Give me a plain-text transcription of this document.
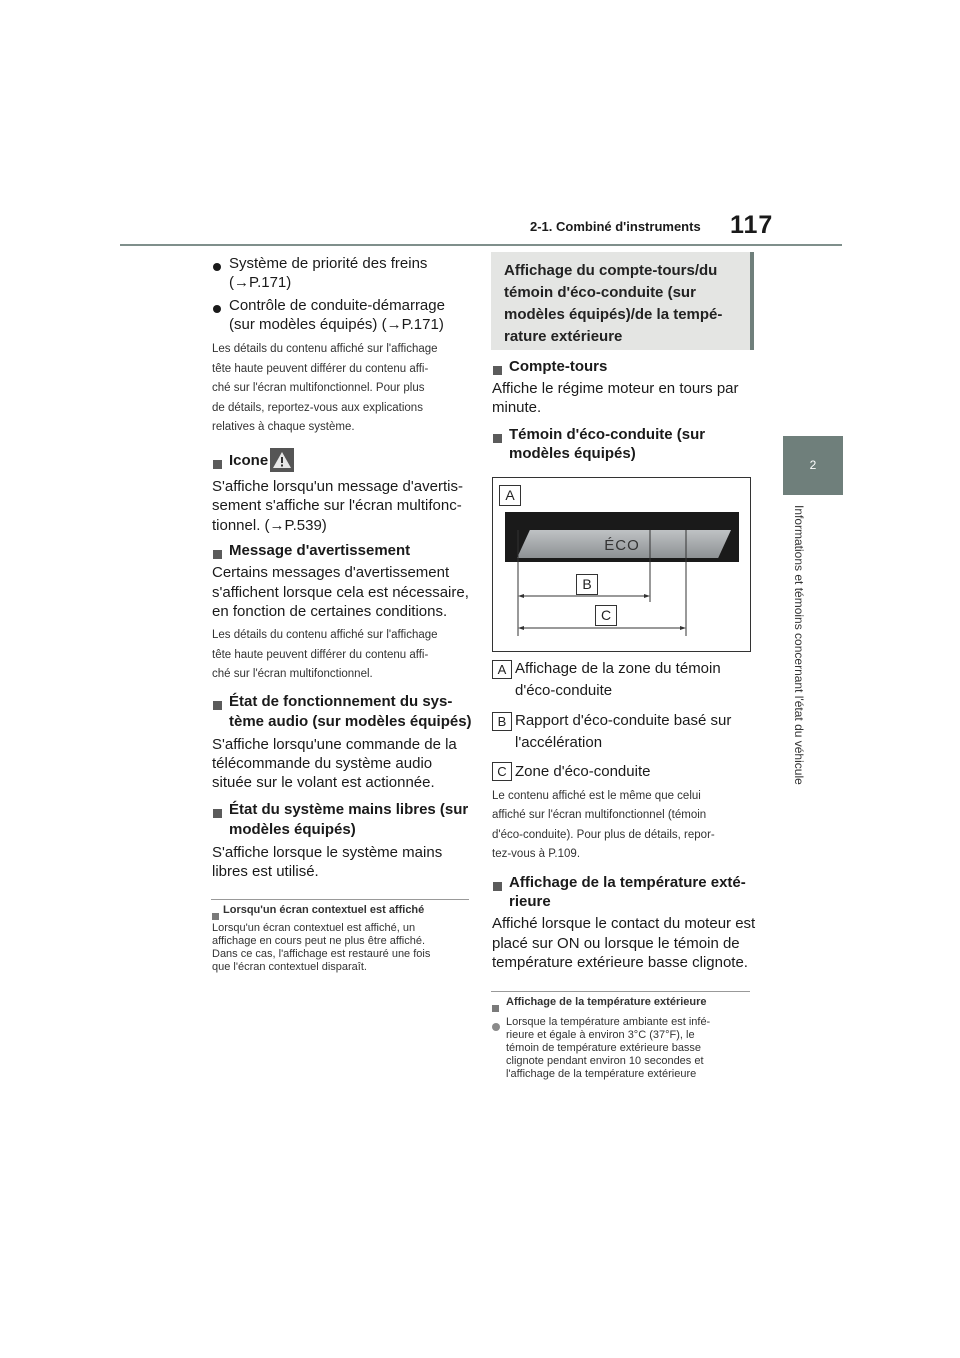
2-1. Combiné d'instruments 117
2
Informations et témoins concernant l'état du véhicule

Système de priorité des freins

(→P.171)

Contrôle de conduite-démarrage

(sur modèles équipés) (→P.171)

Les détails du contenu affiché sur l'affichage

tête haute peuvent différer du contenu affi-

ché sur l'écran multifonctionnel. Pour plus

de détails, reportez-vous aux explications

relatives à chaque système.

Icone

S'affiche lorsqu'un message d'avertis-

sement s'affiche sur l'écran multifonc-

tionnel. (→P.539)

Message d'avertissement

Certains messages d'avertissement

s'affichent lorsque cela est nécessaire,

en fonction de certaines conditions.

Les détails du contenu affiché sur l'affichage

tête haute peuvent différer du contenu affi-

ché sur l'écran multifonctionnel.

État de fonctionnement du sys-

tème audio (sur modèles équipés)

S'affiche lorsqu'une commande de la

télécommande du système audio

située sur le volant est actionnée.

État du système mains libres (sur

modèles équipés)

S'affiche lorsque le système mains

libres est utilisé.

Lorsqu'un écran contextuel est affiché

Lorsqu'un écran contextuel est affiché, un

affichage en cours peut ne plus être affiché.

Dans ce cas, l'affichage est restauré une fois

que l'écran contextuel disparaît.

Affichage du compte-tours/du
témoin d'éco-conduite (sur
modèles équipés)/de la tempé-
rature extérieure

Compte-tours

Affiche le régime moteur en tours par

minute.

Témoin d'éco-conduite (sur

modèles équipés)

A
ÉCO
B
C
A Affichage de la zone du témoin

d'éco-conduite

B Rapport d'éco-conduite basé sur

l'accélération

C Zone d'éco-conduite

Le contenu affiché est le même que celui

affiché sur l'écran multifonctionnel (témoin

d'éco-conduite). Pour plus de détails, repor-

tez-vous à P.109.

Affichage de la température exté-

rieure

Affiché lorsque le contact du moteur est

placé sur ON ou lorsque le témoin de

température extérieure basse clignote.

Affichage de la température extérieure

Lorsque la température ambiante est infé-

rieure et égale à environ 3°C (37°F), le

témoin de température extérieure basse

clignote pendant environ 10 secondes et

l'affichage de la température extérieure
